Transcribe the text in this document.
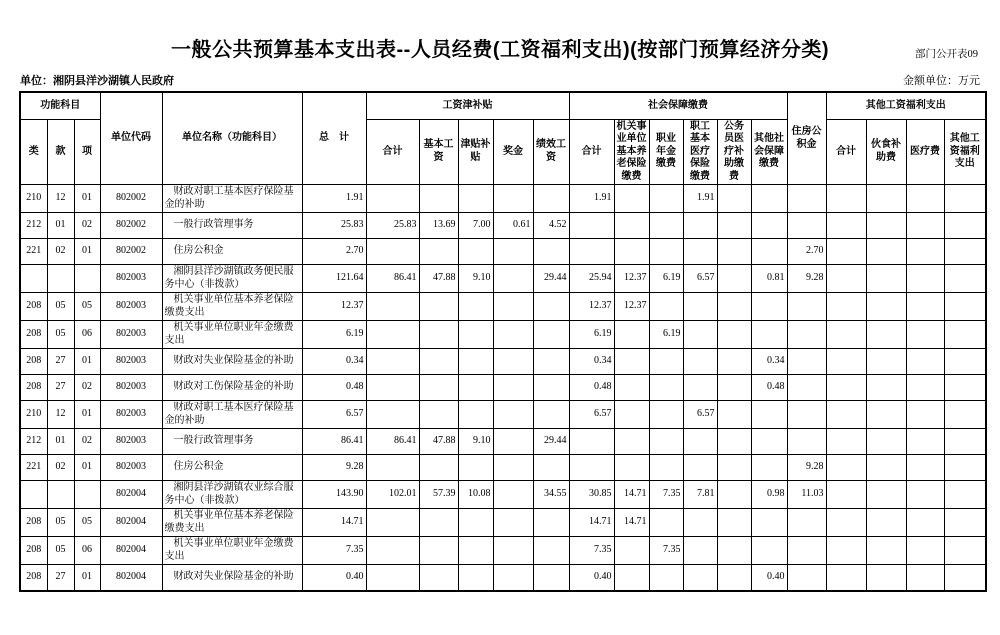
部门公开表09
一般公共预算基本支出表--人员经费(工资福利支出)(按部门预算经济分类)
单位：湘阴县洋沙湖镇人民政府	金额单位：万元
功能科目			单位代码	单位名称（功能科目）	总　计	工资津补贴					社会保障缴费						住房公积金	其他工资福利支出			
类	款	项				合计	基本工资	津贴补贴	奖金	绩效工资	合计	机关事业单位基本养老保险缴费	职业年金缴费	职工基本医疗保险缴费	公务员医疗补助缴费	其他社会保障缴费		合计	伙食补助费	医疗费	其他工资福利支出
210	12	01	802002	财政对职工基本医疗保险基金的补助	1.91						1.91			1.91							
212	01	02	802002	一般行政管理事务	25.83	25.83	13.69	7.00	0.61	4.52											
221	02	01	802002	住房公积金	2.70												2.70				
			802003	湘阴县洋沙湖镇政务便民服务中心（非拨款）	121.64	86.41	47.88	9.10		29.44	25.94	12.37	6.19	6.57		0.81	9.28				
208	05	05	802003	机关事业单位基本养老保险缴费支出	12.37						12.37	12.37									
208	05	06	802003	机关事业单位职业年金缴费支出	6.19						6.19		6.19								
208	27	01	802003	财政对失业保险基金的补助	0.34						0.34					0.34					
208	27	02	802003	财政对工伤保险基金的补助	0.48						0.48					0.48					
210	12	01	802003	财政对职工基本医疗保险基金的补助	6.57						6.57			6.57							
212	01	02	802003	一般行政管理事务	86.41	86.41	47.88	9.10		29.44											
221	02	01	802003	住房公积金	9.28												9.28				
			802004	湘阴县洋沙湖镇农业综合服务中心（非拨款）	143.90	102.01	57.39	10.08		34.55	30.85	14.71	7.35	7.81		0.98	11.03				
208	05	05	802004	机关事业单位基本养老保险缴费支出	14.71						14.71	14.71									
208	05	06	802004	机关事业单位职业年金缴费支出	7.35						7.35		7.35								
208	27	01	802004	财政对失业保险基金的补助	0.40						0.40					0.40					
